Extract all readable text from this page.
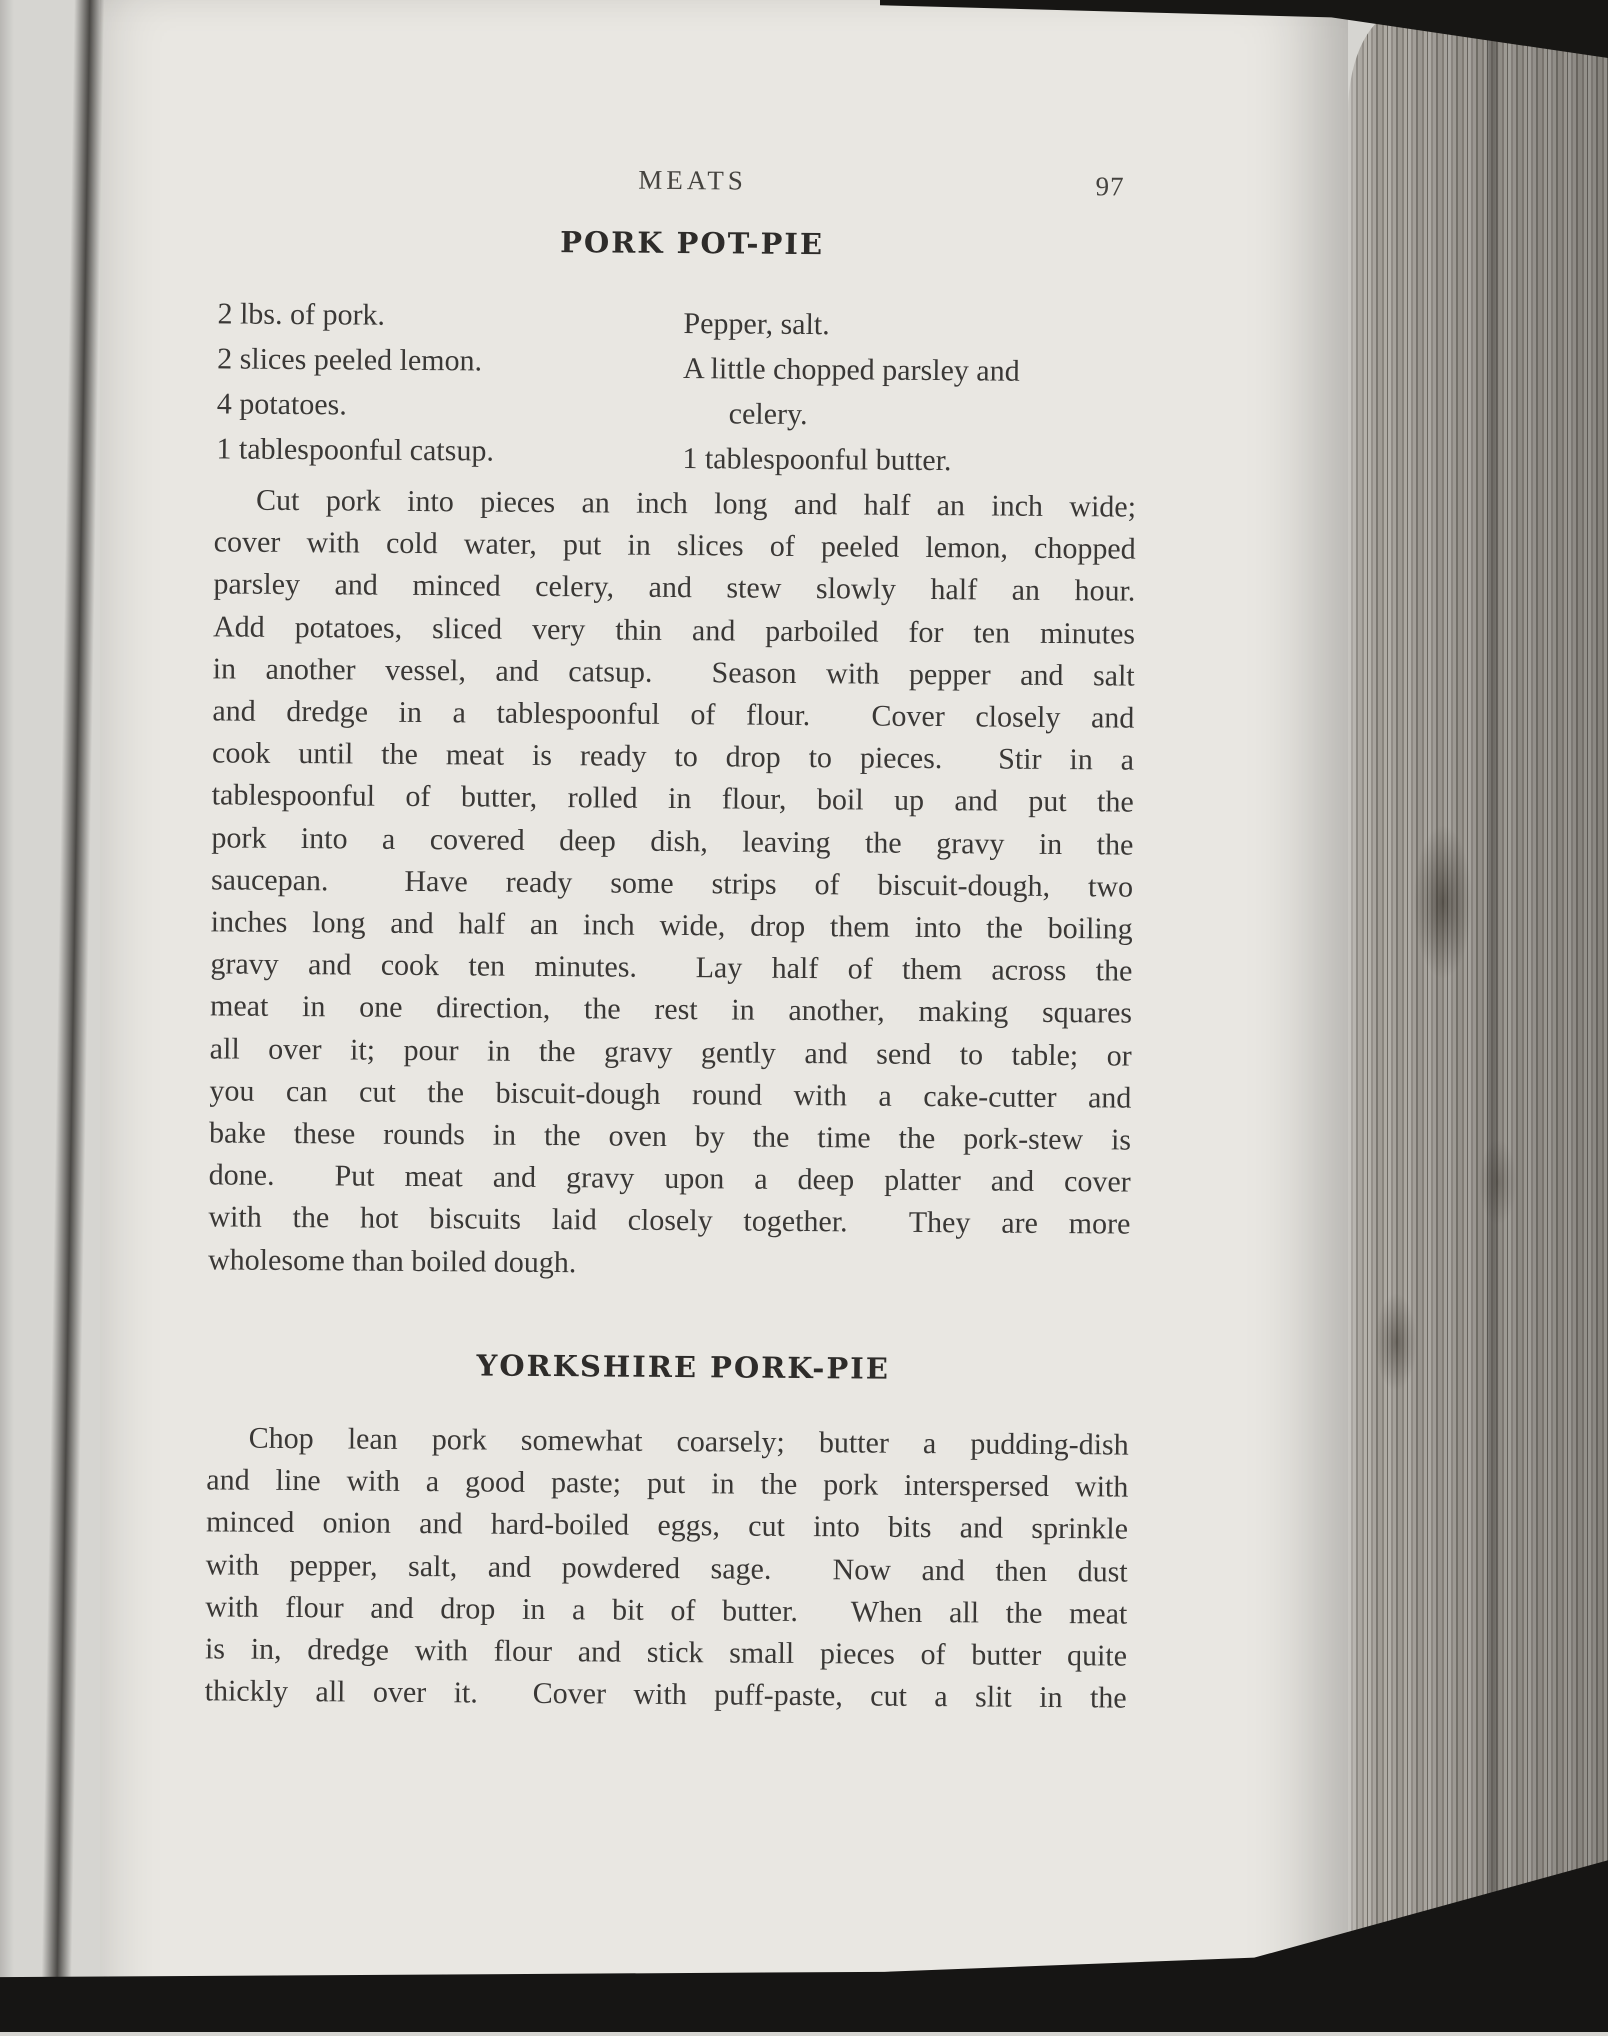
MEATS	97
PORK POT-PIE
2 lbs. of pork.
2 slices peeled lemon.
4 potatoes.
1 tablespoonful catsup.
Pepper, salt.
A little chopped parsley and
celery.
1 tablespoonful butter.
Cut pork into pieces an inch long and half an inch wide;
cover with cold water, put in slices of peeled lemon, chopped
parsley and minced celery, and stew slowly half an hour.
Add potatoes, sliced very thin and parboiled for ten minutes
in another vessel, and catsup.  Season with pepper and salt
and dredge in a tablespoonful of flour.  Cover closely and
cook until the meat is ready to drop to pieces.  Stir in a
tablespoonful of butter, rolled in flour, boil up and put the
pork into a covered deep dish, leaving the gravy in the
saucepan.  Have ready some strips of biscuit-dough, two
inches long and half an inch wide, drop them into the boiling
gravy and cook ten minutes.  Lay half of them across the
meat in one direction, the rest in another, making squares
all over it; pour in the gravy gently and send to table; or
you can cut the biscuit-dough round with a cake-cutter and
bake these rounds in the oven by the time the pork-stew is
done.  Put meat and gravy upon a deep platter and cover
with the hot biscuits laid closely together.  They are more
wholesome than boiled dough.
YORKSHIRE PORK-PIE
Chop lean pork somewhat coarsely; butter a pudding-dish
and line with a good paste; put in the pork interspersed with
minced onion and hard-boiled eggs, cut into bits and sprinkle
with pepper, salt, and powdered sage.  Now and then dust
with flour and drop in a bit of butter.  When all the meat
is in, dredge with flour and stick small pieces of butter quite
thickly all over it.  Cover with puff-paste, cut a slit in the
